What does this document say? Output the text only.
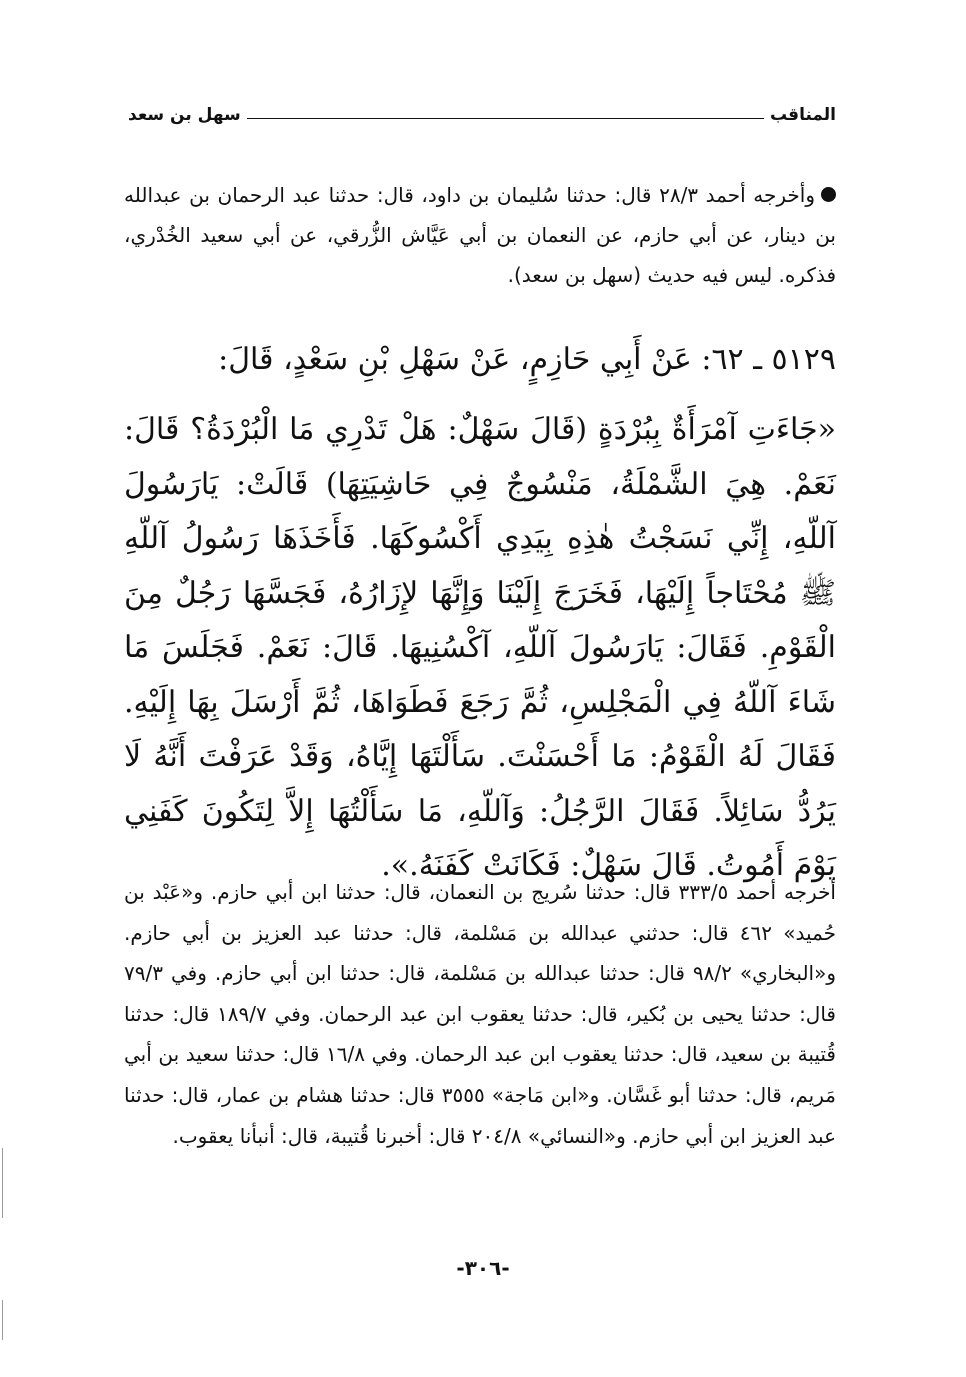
المناقب
سهل بن سعد
وأخرجه أحمد ٢٨/٣ قال: حدثنا سُليمان بن داود، قال: حدثنا عبد الرحمان بن عبدالله بن دينار، عن أبي حازم، عن النعمان بن أبي عَيَّاش الزُّرقي، عن أبي سعيد الخُدْري، فذكره. ليس فيه حديث (سهل بن سعد).
٥١٢٩ ـ ٦٢: عَنْ أَبِي حَازِمٍ، عَنْ سَهْلِ بْنِ سَعْدٍ، قَالَ:
«جَاءَتِ آمْرَأَةٌ بِبُرْدَةٍ (قَالَ سَهْلٌ: هَلْ تَدْرِي مَا الْبُرْدَةُ؟ قَالَ: نَعَمْ. هِيَ الشَّمْلَةُ، مَنْسُوجٌ فِي حَاشِيَتِهَا) قَالَتْ: يَارَسُولَ آللّهِ، إِنِّي نَسَجْتُ هٰذِهِ بِيَدِي أَكْسُوكَهَا. فَأَخَذَهَا رَسُولُ آللّهِ ﷺ مُحْتَاجاً إِلَيْهَا، فَخَرَجَ إِلَيْنَا وَإِنَّهَا لإِزَارُهُ، فَجَسَّهَا رَجُلٌ مِنَ الْقَوْمِ. فَقَالَ: يَارَسُولَ آللّهِ، آكْسُنِيهَا. قَالَ: نَعَمْ. فَجَلَسَ مَا شَاءَ آللّهُ فِي الْمَجْلِسِ، ثُمَّ رَجَعَ فَطَوَاهَا، ثُمَّ أَرْسَلَ بِهَا إِلَيْهِ. فَقَالَ لَهُ الْقَوْمُ: مَا أَحْسَنْتَ. سَأَلْتَهَا إِيَّاهُ، وَقَدْ عَرَفْتَ أَنَّهُ لَا يَرُدُّ سَائِلاً. فَقَالَ الرَّجُلُ: وَآللّهِ، مَا سَأَلْتُهَا إِلاَّ لِتَكُونَ كَفَنِي يَوْمَ أَمُوتُ. قَالَ سَهْلٌ: فَكَانَتْ كَفَنَهُ.».
أخرجه أحمد ٣٣٣/٥ قال: حدثنا سُريج بن النعمان، قال: حدثنا ابن أبي حازم. و«عَبْد بن حُميد» ٤٦٢ قال: حدثني عبدالله بن مَسْلمة، قال: حدثنا عبد العزيز بن أبي حازم. و«البخاري» ٩٨/٢ قال: حدثنا عبدالله بن مَسْلمة، قال: حدثنا ابن أبي حازم. وفي ٧٩/٣ قال: حدثنا يحيى بن بُكير، قال: حدثنا يعقوب ابن عبد الرحمان. وفي ١٨٩/٧ قال: حدثنا قُتيبة بن سعيد، قال: حدثنا يعقوب ابن عبد الرحمان. وفي ١٦/٨ قال: حدثنا سعيد بن أبي مَريم، قال: حدثنا أبو غَسَّان. و«ابن مَاجة» ٣٥٥٥ قال: حدثنا هشام بن عمار، قال: حدثنا عبد العزيز ابن أبي حازم. و«النسائي» ٢٠٤/٨ قال: أخبرنا قُتيبة، قال: أنبأنا يعقوب.
-٣٠٦-
